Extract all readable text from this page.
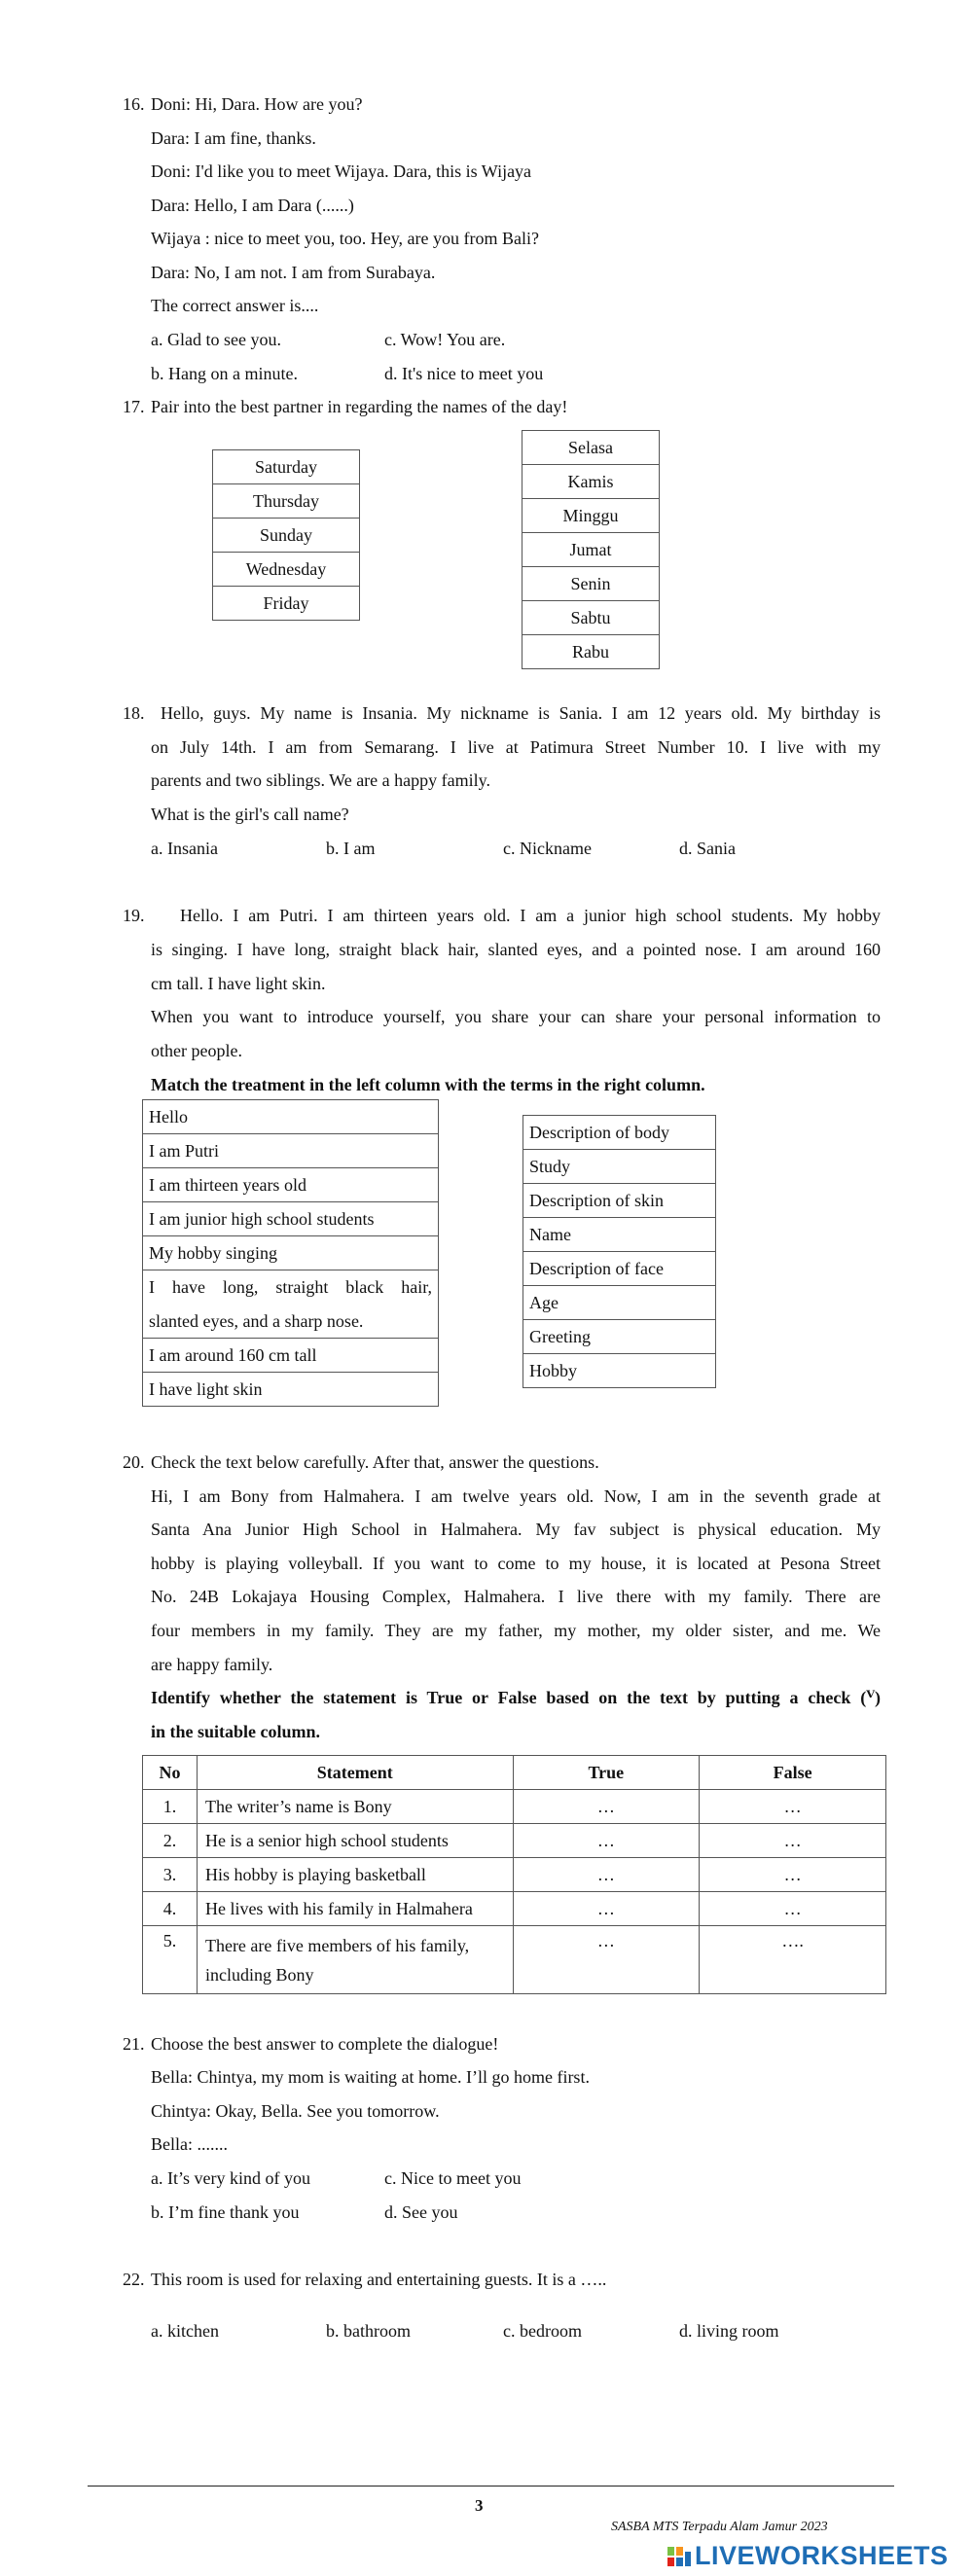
16. Doni: Hi, Dara. How are you?
Dara: I am fine, thanks.
Doni: I'd like you to meet Wijaya. Dara, this is Wijaya
Dara: Hello, I am Dara (......)
Wijaya : nice to meet you, too. Hey, are you from Bali?
Dara: No, I am not. I am from Surabaya.
The correct answer is....
a. Glad to see you.	c. Wow! You are.
b. Hang on a minute.	d. It's nice to meet you
17. Pair into the best partner in regarding the names of the day!
Saturday
Thursday
Sunday
Wednesday
Friday
Selasa
Kamis
Minggu
Jumat
Senin
Sabtu
Rabu
18. Hello, guys. My name is Insania. My nickname is Sania. I am 12 years old. My birthday is
on July 14th. I am from Semarang. I live at Patimura Street Number 10. I live with my
parents and two siblings. We are a happy family.
What is the girl's call name?
a. Insania	b. I am	c. Nickname	d. Sania
19. Hello. I am Putri. I am thirteen years old. I am a junior high school students. My hobby
is singing. I have long, straight black hair, slanted eyes, and a pointed nose. I am around 160
cm tall. I have light skin.
When you want to introduce yourself, you share your can share your personal information to
other people.
Match the treatment in the left column with the terms in the right column.
Hello
I am Putri
I am thirteen years old
I am junior high school students
My hobby singing
I have long, straight black hair,
slanted eyes, and a sharp nose.
I am around 160 cm tall
I have light skin
Description of body
Study
Description of skin
Name
Description of face
Age
Greeting
Hobby
20. Check the text below carefully. After that, answer the questions.
Hi, I am Bony from Halmahera. I am twelve years old. Now, I am in the seventh grade at
Santa Ana Junior High School in Halmahera. My fav subject is physical education. My
hobby is playing volleyball. If you want to come to my house, it is located at Pesona Street
No. 24B Lokajaya Housing Complex, Halmahera. I live there with my family. There are
four members in my family. They are my father, my mother, my older sister, and me. We
are happy family.
Identify whether the statement is True or False based on the text by putting a check (ⱽ)
in the suitable column.
No	Statement	True	False
1.	The writer’s name is Bony	…	…
2.	He is a senior high school students	…	…
3.	His hobby is playing basketball	…	…
4.	He lives with his family in Halmahera	…	…
5.	There are five members of his family,
including Bony	…	….
21. Choose the best answer to complete the dialogue!
Bella: Chintya, my mom is waiting at home. I’ll go home first.
Chintya: Okay, Bella. See you tomorrow.
Bella: .......
a. It’s very kind of you	c. Nice to meet you
b. I’m fine thank you	d. See you
22. This room is used for relaxing and entertaining guests. It is a …..
a. kitchen	b. bathroom	c. bedroom	d. living room
3
SASBA MTS Terpadu Alam Jamur 2023
LIVEWORKSHEETS
